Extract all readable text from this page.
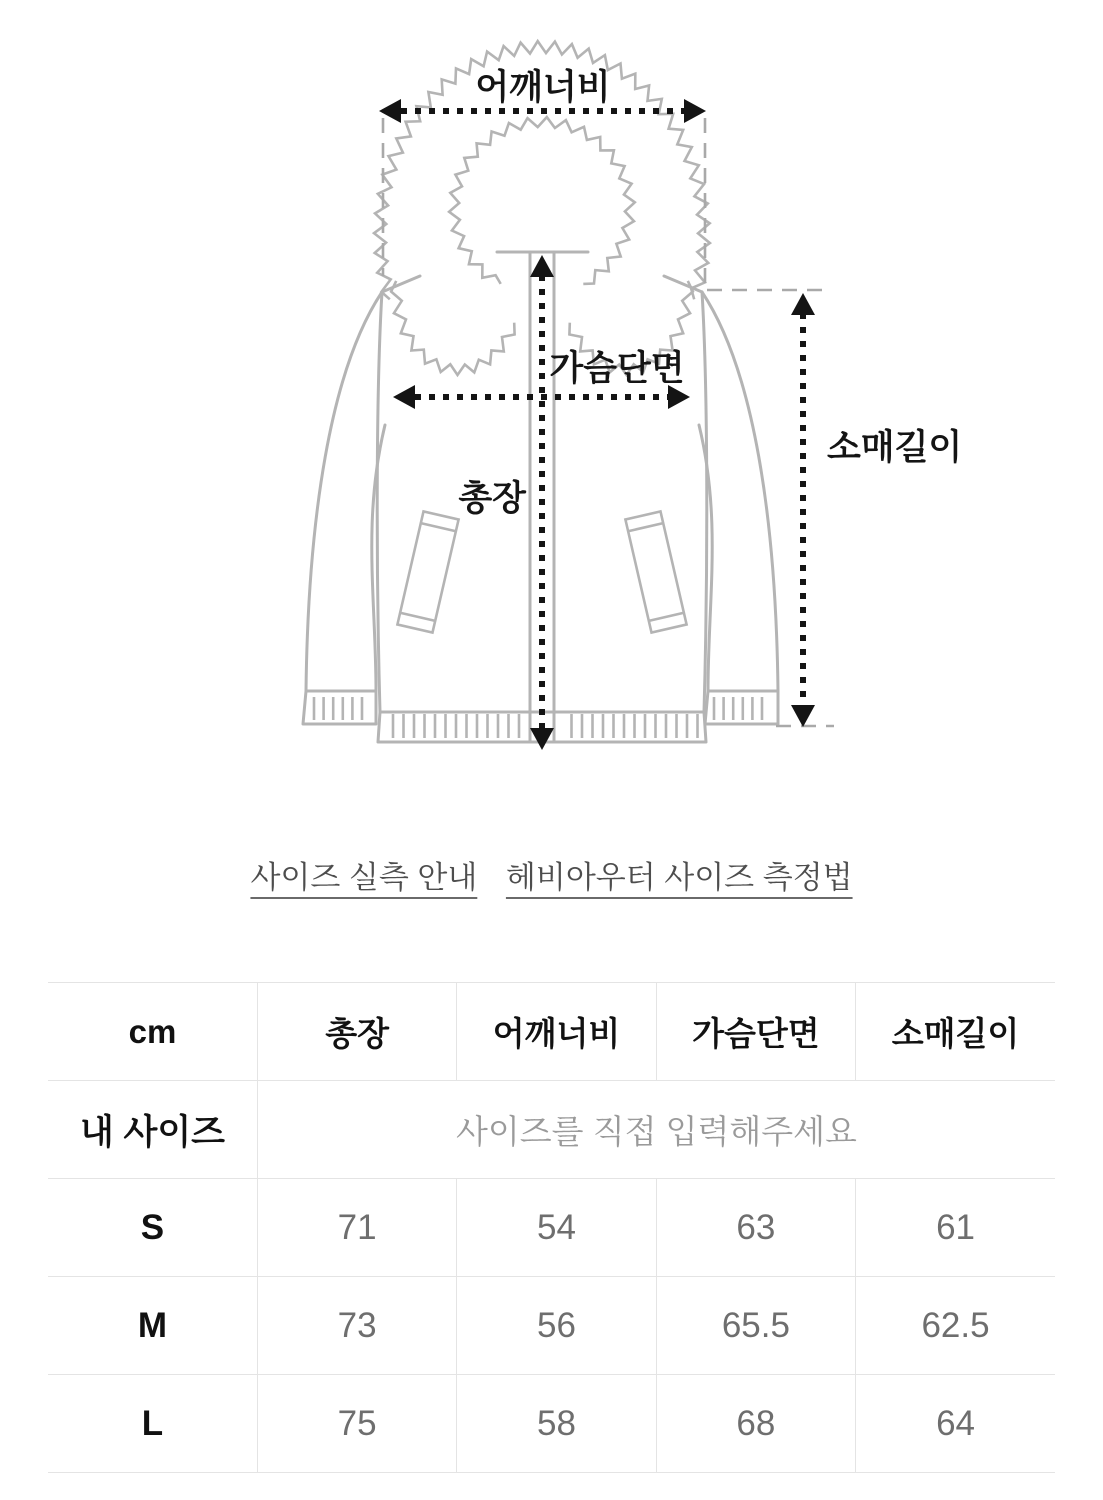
어깨너비
가슴단면
총장
소매길이
사이즈 실측 안내 헤비아우터 사이즈 측정법
cm	총장	어깨너비	가슴단면	소매길이
내 사이즈	사이즈를 직접 입력해주세요			
S	71	54	63	61
M	73	56	65.5	62.5
L	75	58	68	64
